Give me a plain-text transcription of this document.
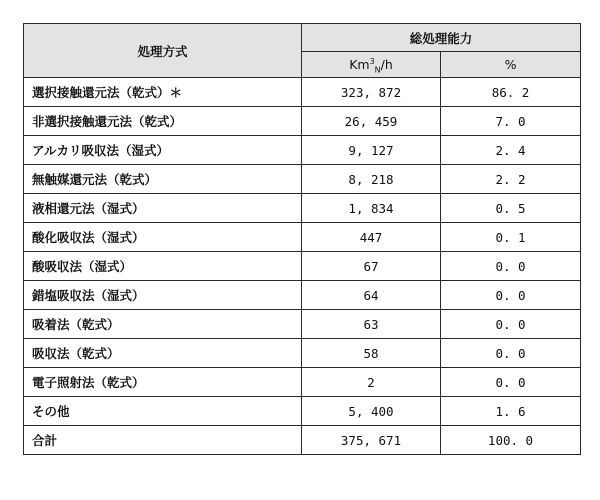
処理方式	総処理能力	
	$Km^3_N/h$	%
選択接触還元法（乾式）＊	323, 872	86. 2
非選択接触還元法（乾式）	26, 459	7. 0
アルカリ吸収法（湿式）	9, 127	2. 4
無触媒還元法（乾式）	8, 218	2. 2
液相還元法（湿式）	1, 834	0. 5
酸化吸収法（湿式）	447	0. 1
酸吸収法（湿式）	67	0. 0
錯塩吸収法（湿式）	64	0. 0
吸着法（乾式）	63	0. 0
吸収法（乾式）	58	0. 0
電子照射法（乾式）	2	0. 0
その他	5, 400	1. 6
合計	375, 671	100. 0
